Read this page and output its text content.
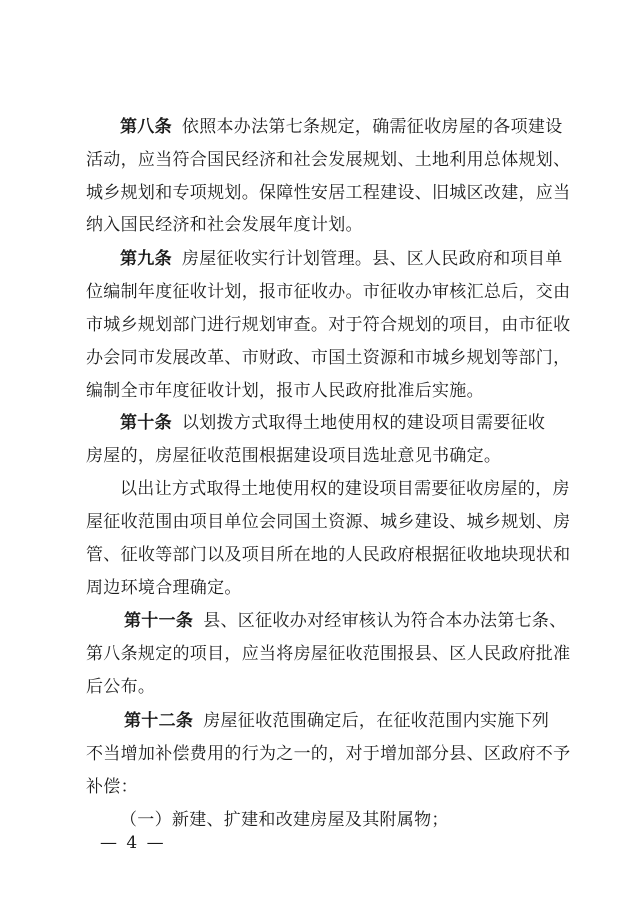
第八条 依照本办法第七条规定，确需征收房屋的各项建设
活动，应当符合国民经济和社会发展规划、土地利用总体规划、
城乡规划和专项规划。保障性安居工程建设、旧城区改建，应当
纳入国民经济和社会发展年度计划。
第九条 房屋征收实行计划管理。县、区人民政府和项目单
位编制年度征收计划，报市征收办。市征收办审核汇总后，交由
市城乡规划部门进行规划审查。对于符合规划的项目，由市征收
办会同市发展改革、市财政、市国土资源和市城乡规划等部门，
编制全市年度征收计划，报市人民政府批准后实施。
第十条 以划拨方式取得土地使用权的建设项目需要征收
房屋的，房屋征收范围根据建设项目选址意见书确定。
以出让方式取得土地使用权的建设项目需要征收房屋的，房
屋征收范围由项目单位会同国土资源、城乡建设、城乡规划、房
管、征收等部门以及项目所在地的人民政府根据征收地块现状和
周边环境合理确定。
第十一条 县、区征收办对经审核认为符合本办法第七条、
第八条规定的项目，应当将房屋征收范围报县、区人民政府批准
后公布。
第十二条 房屋征收范围确定后，在征收范围内实施下列
不当增加补偿费用的行为之一的，对于增加部分县、区政府不予
补偿：
（一）新建、扩建和改建房屋及其附属物；
— 4 —
